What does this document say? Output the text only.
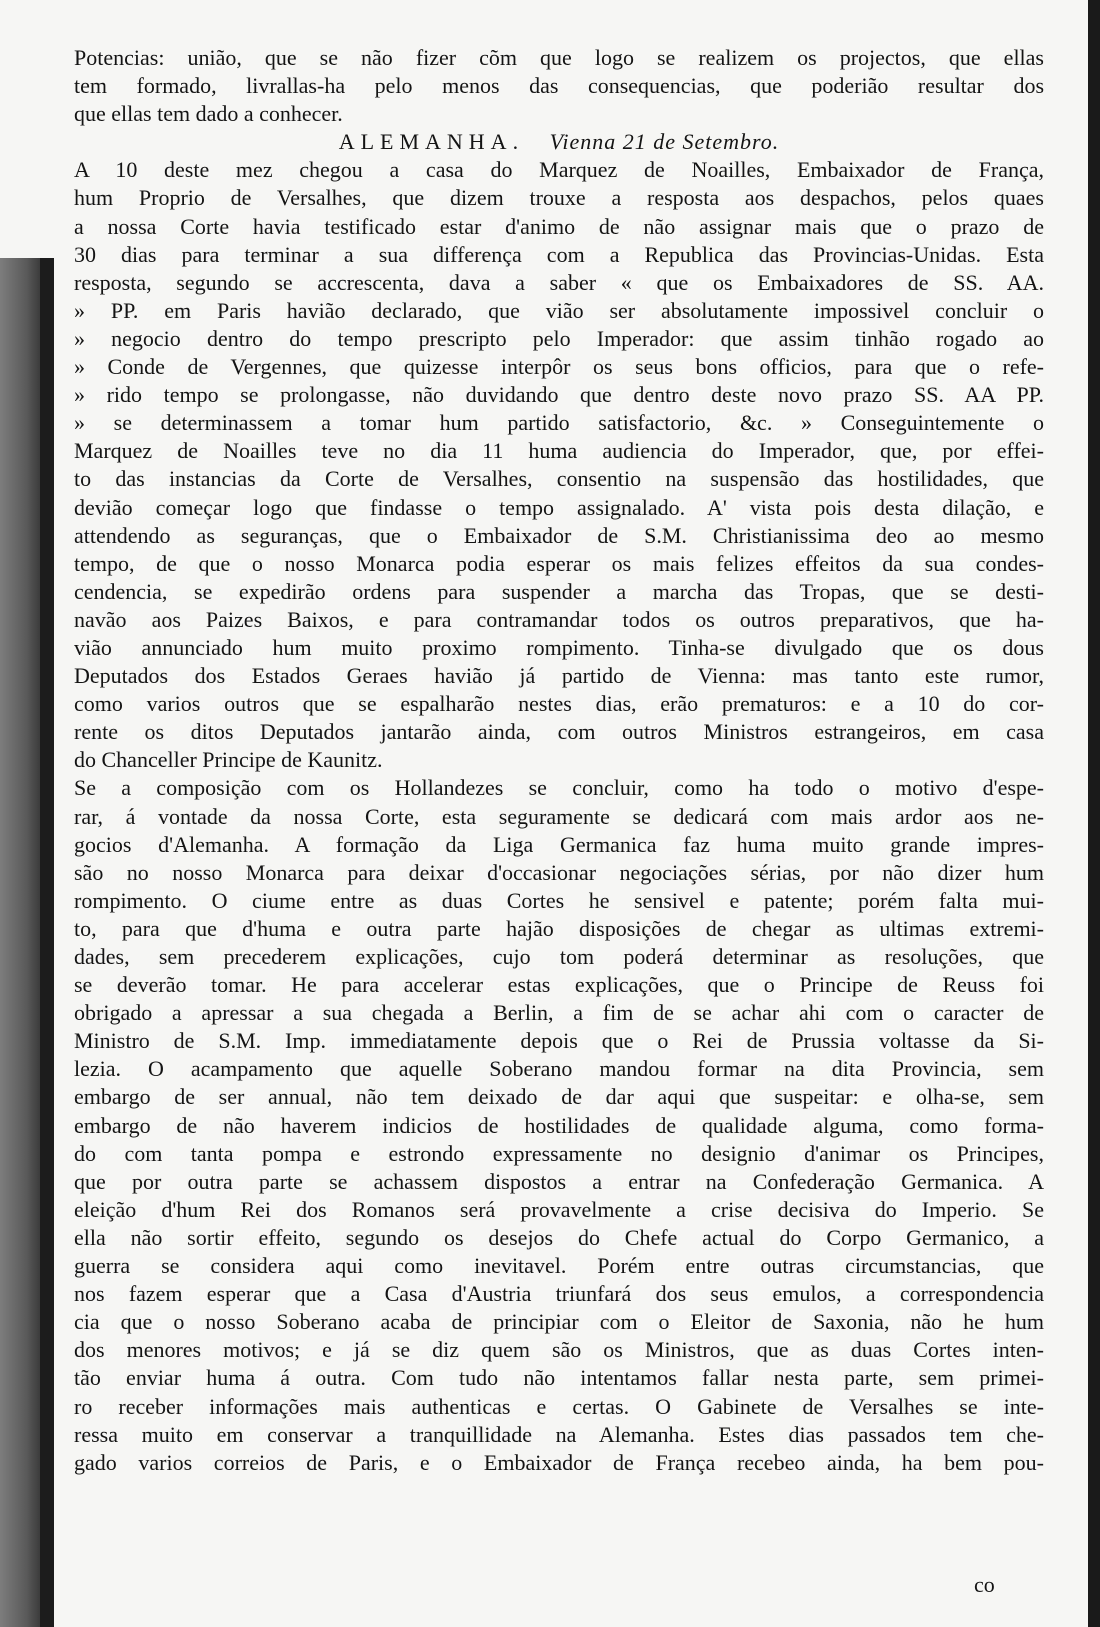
Potencias: união, que se não fizer cõm que logo se realizem os projectos, que ellas
tem formado, livrallas-ha pelo menos das consequencias, que poderião resultar dos
que ellas tem dado a conhecer.
ALEMANHA. Vienna 21 de Setembro.
A 10 deste mez chegou a casa do Marquez de Noailles, Embaixador de França,
hum Proprio de Versalhes, que dizem trouxe a resposta aos despachos, pelos quaes
a nossa Corte havia testificado estar d'animo de não assignar mais que o prazo de
30 dias para terminar a sua differença com a Republica das Provincias-Unidas. Esta
resposta, segundo se accrescenta, dava a saber « que os Embaixadores de SS. AA.
» PP. em Paris havião declarado, que vião ser absolutamente impossivel concluir o
» negocio dentro do tempo prescripto pelo Imperador: que assim tinhão rogado ao
» Conde de Vergennes, que quizesse interpôr os seus bons officios, para que o refe-
» rido tempo se prolongasse, não duvidando que dentro deste novo prazo SS. AA PP.
» se determinassem a tomar hum partido satisfactorio, &c. » Conseguintemente o
Marquez de Noailles teve no dia 11 huma audiencia do Imperador, que, por effei-
to das instancias da Corte de Versalhes, consentio na suspensão das hostilidades, que
devião começar logo que findasse o tempo assignalado. A' vista pois desta dilação, e
attendendo as seguranças, que o Embaixador de S.M. Christianissima deo ao mesmo
tempo, de que o nosso Monarca podia esperar os mais felizes effeitos da sua condes-
cendencia, se expedirão ordens para suspender a marcha das Tropas, que se desti-
navão aos Paizes Baixos, e para contramandar todos os outros preparativos, que ha-
vião annunciado hum muito proximo rompimento. Tinha-se divulgado que os dous
Deputados dos Estados Geraes havião já partido de Vienna: mas tanto este rumor,
como varios outros que se espalharão nestes dias, erão prematuros: e a 10 do cor-
rente os ditos Deputados jantarão ainda, com outros Ministros estrangeiros, em casa
do Chanceller Principe de Kaunitz.
Se a composição com os Hollandezes se concluir, como ha todo o motivo d'espe-
rar, á vontade da nossa Corte, esta seguramente se dedicará com mais ardor aos ne-
gocios d'Alemanha. A formação da Liga Germanica faz huma muito grande impres-
são no nosso Monarca para deixar d'occasionar negociações sérias, por não dizer hum
rompimento. O ciume entre as duas Cortes he sensivel e patente; porém falta mui-
to, para que d'huma e outra parte hajão disposições de chegar as ultimas extremi-
dades, sem precederem explicações, cujo tom poderá determinar as resoluções, que
se deverão tomar. He para accelerar estas explicações, que o Principe de Reuss foi
obrigado a apressar a sua chegada a Berlin, a fim de se achar ahi com o caracter de
Ministro de S.M. Imp. immediatamente depois que o Rei de Prussia voltasse da Si-
lezia. O acampamento que aquelle Soberano mandou formar na dita Provincia, sem
embargo de ser annual, não tem deixado de dar aqui que suspeitar: e olha-se, sem
embargo de não haverem indicios de hostilidades de qualidade alguma, como forma-
do com tanta pompa e estrondo expressamente no designio d'animar os Principes,
que por outra parte se achassem dispostos a entrar na Confederação Germanica. A
eleição d'hum Rei dos Romanos será provavelmente a crise decisiva do Imperio. Se
ella não sortir effeito, segundo os desejos do Chefe actual do Corpo Germanico, a
guerra se considera aqui como inevitavel. Porém entre outras circumstancias, que
nos fazem esperar que a Casa d'Austria triunfará dos seus emulos, a correspondencia
cia que o nosso Soberano acaba de principiar com o Eleitor de Saxonia, não he hum
dos menores motivos; e já se diz quem são os Ministros, que as duas Cortes inten-
tão enviar huma á outra. Com tudo não intentamos fallar nesta parte, sem primei-
ro receber informações mais authenticas e certas. O Gabinete de Versalhes se inte-
ressa muito em conservar a tranquillidade na Alemanha. Estes dias passados tem che-
gado varios correios de Paris, e o Embaixador de França recebeo ainda, ha bem pou-
co
